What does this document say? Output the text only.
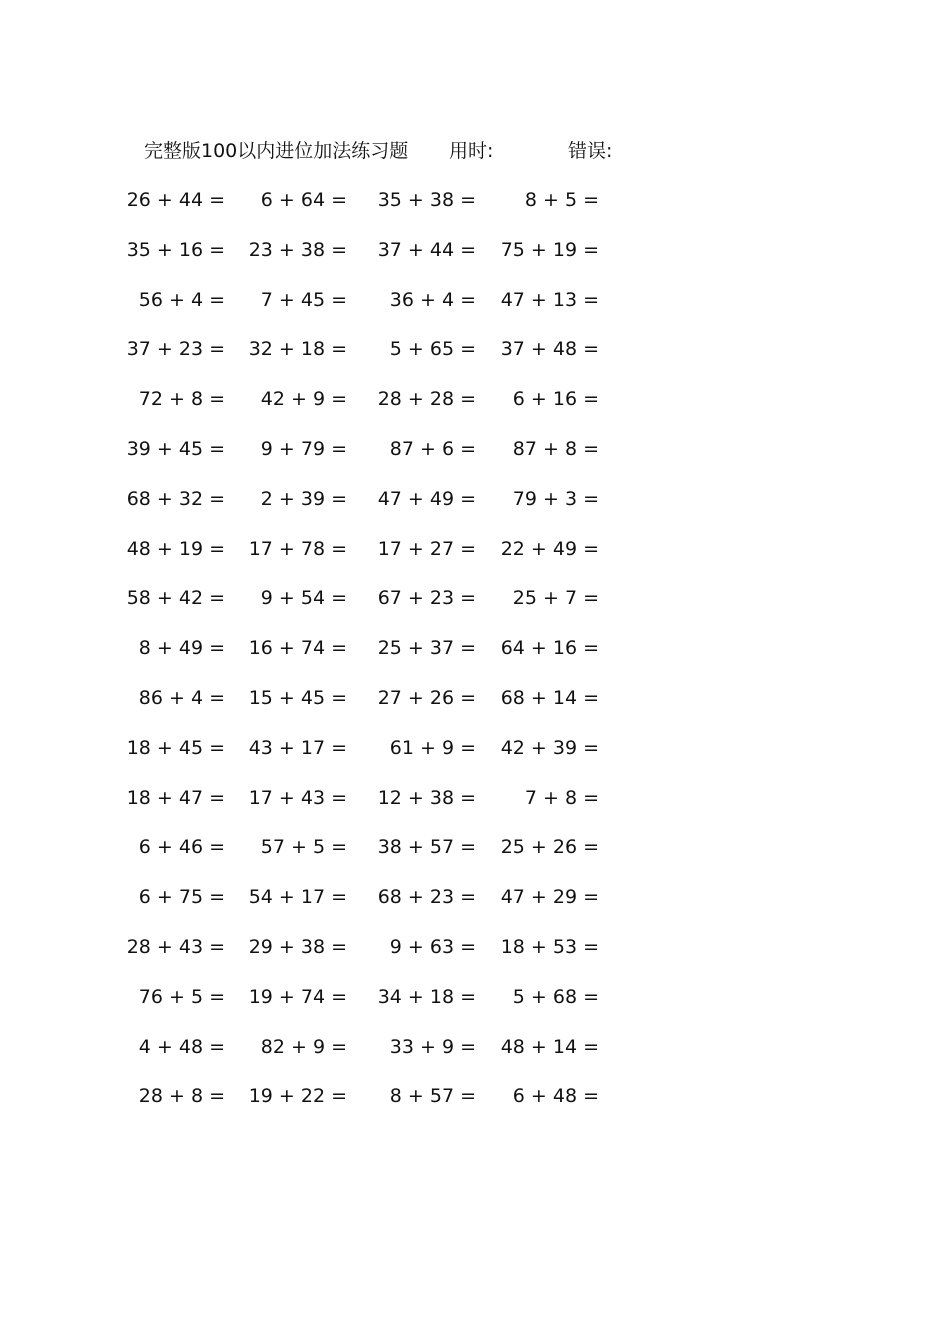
完整版100以内进位加法练习题 用时:	错误:
26 + 44 =	6 + 64 =	35 + 38 =	8 + 5 =
35 + 16 =	23 + 38 =	37 + 44 =	75 + 19 =
56 + 4 =	7 + 45 =	36 + 4 =	47 + 13 =
37 + 23 =	32 + 18 =	5 + 65 =	37 + 48 =
72 + 8 =	42 + 9 =	28 + 28 =	6 + 16 =
39 + 45 =	9 + 79 =	87 + 6 =	87 + 8 =
68 + 32 =	2 + 39 =	47 + 49 =	79 + 3 =
48 + 19 =	17 + 78 =	17 + 27 =	22 + 49 =
58 + 42 =	9 + 54 =	67 + 23 =	25 + 7 =
8 + 49 =	16 + 74 =	25 + 37 =	64 + 16 =
86 + 4 =	15 + 45 =	27 + 26 =	68 + 14 =
18 + 45 =	43 + 17 =	61 + 9 =	42 + 39 =
18 + 47 =	17 + 43 =	12 + 38 =	7 + 8 =
6 + 46 =	57 + 5 =	38 + 57 =	25 + 26 =
6 + 75 =	54 + 17 =	68 + 23 =	47 + 29 =
28 + 43 =	29 + 38 =	9 + 63 =	18 + 53 =
76 + 5 =	19 + 74 =	34 + 18 =	5 + 68 =
4 + 48 =	82 + 9 =	33 + 9 =	48 + 14 =
28 + 8 =	19 + 22 =	8 + 57 =	6 + 48 =
